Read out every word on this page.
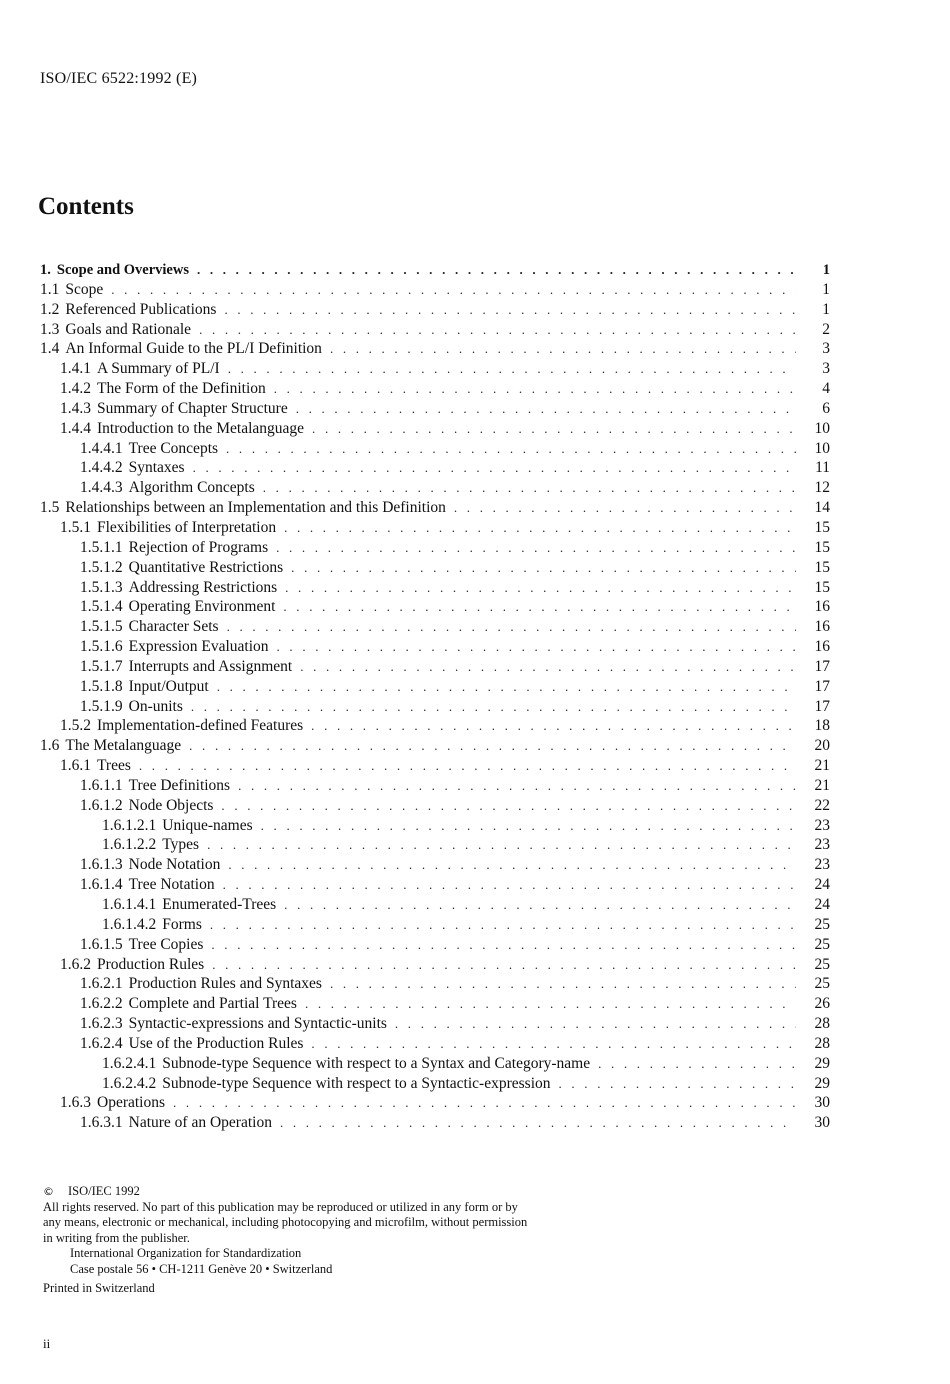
ISO/IEC 6522:1992 (E)
Contents
1. Scope and Overviews . . .	1
1.1 Scope . . .	1
1.2 Referenced Publications . . .	1
1.3 Goals and Rationale . . .	2
1.4 An Informal Guide to the PL/I Definition . . .	3
1.4.1 A Summary of PL/I . . .	3
1.4.2 The Form of the Definition . . .	4
1.4.3 Summary of Chapter Structure . . .	6
1.4.4 Introduction to the Metalanguage . . .	10
1.4.4.1 Tree Concepts . . .	10
1.4.4.2 Syntaxes . . .	11
1.4.4.3 Algorithm Concepts . . .	12
1.5 Relationships between an Implementation and this Definition . . .	14
1.5.1 Flexibilities of Interpretation . . .	15
1.5.1.1 Rejection of Programs . . .	15
1.5.1.2 Quantitative Restrictions . . .	15
1.5.1.3 Addressing Restrictions . . .	15
1.5.1.4 Operating Environment . . .	16
1.5.1.5 Character Sets . . .	16
1.5.1.6 Expression Evaluation . . .	16
1.5.1.7 Interrupts and Assignment . . .	17
1.5.1.8 Input/Output . . .	17
1.5.1.9 On-units . . .	17
1.5.2 Implementation-defined Features . . .	18
1.6 The Metalanguage . . .	20
1.6.1 Trees . . .	21
1.6.1.1 Tree Definitions . . .	21
1.6.1.2 Node Objects . . .	22
1.6.1.2.1 Unique-names . . .	23
1.6.1.2.2 Types . . .	23
1.6.1.3 Node Notation . . .	23
1.6.1.4 Tree Notation . . .	24
1.6.1.4.1 Enumerated-Trees . . .	24
1.6.1.4.2 Forms . . .	25
1.6.1.5 Tree Copies . . .	25
1.6.2 Production Rules . . .	25
1.6.2.1 Production Rules and Syntaxes . . .	25
1.6.2.2 Complete and Partial Trees . . .	26
1.6.2.3 Syntactic-expressions and Syntactic-units . . .	28
1.6.2.4 Use of the Production Rules . . .	28
1.6.2.4.1 Subnode-type Sequence with respect to a Syntax and Category-name . . .	29
1.6.2.4.2 Subnode-type Sequence with respect to a Syntactic-expression . . .	29
1.6.3 Operations . . .	30
1.6.3.1 Nature of an Operation . . .	30
© ISO/IEC 1992
All rights reserved. No part of this publication may be reproduced or utilized in any form or by
any means, electronic or mechanical, including photocopying and microfilm, without permission
in writing from the publisher.
International Organization for Standardization
Case postale 56 • CH-1211 Genève 20 • Switzerland
Printed in Switzerland
ii
